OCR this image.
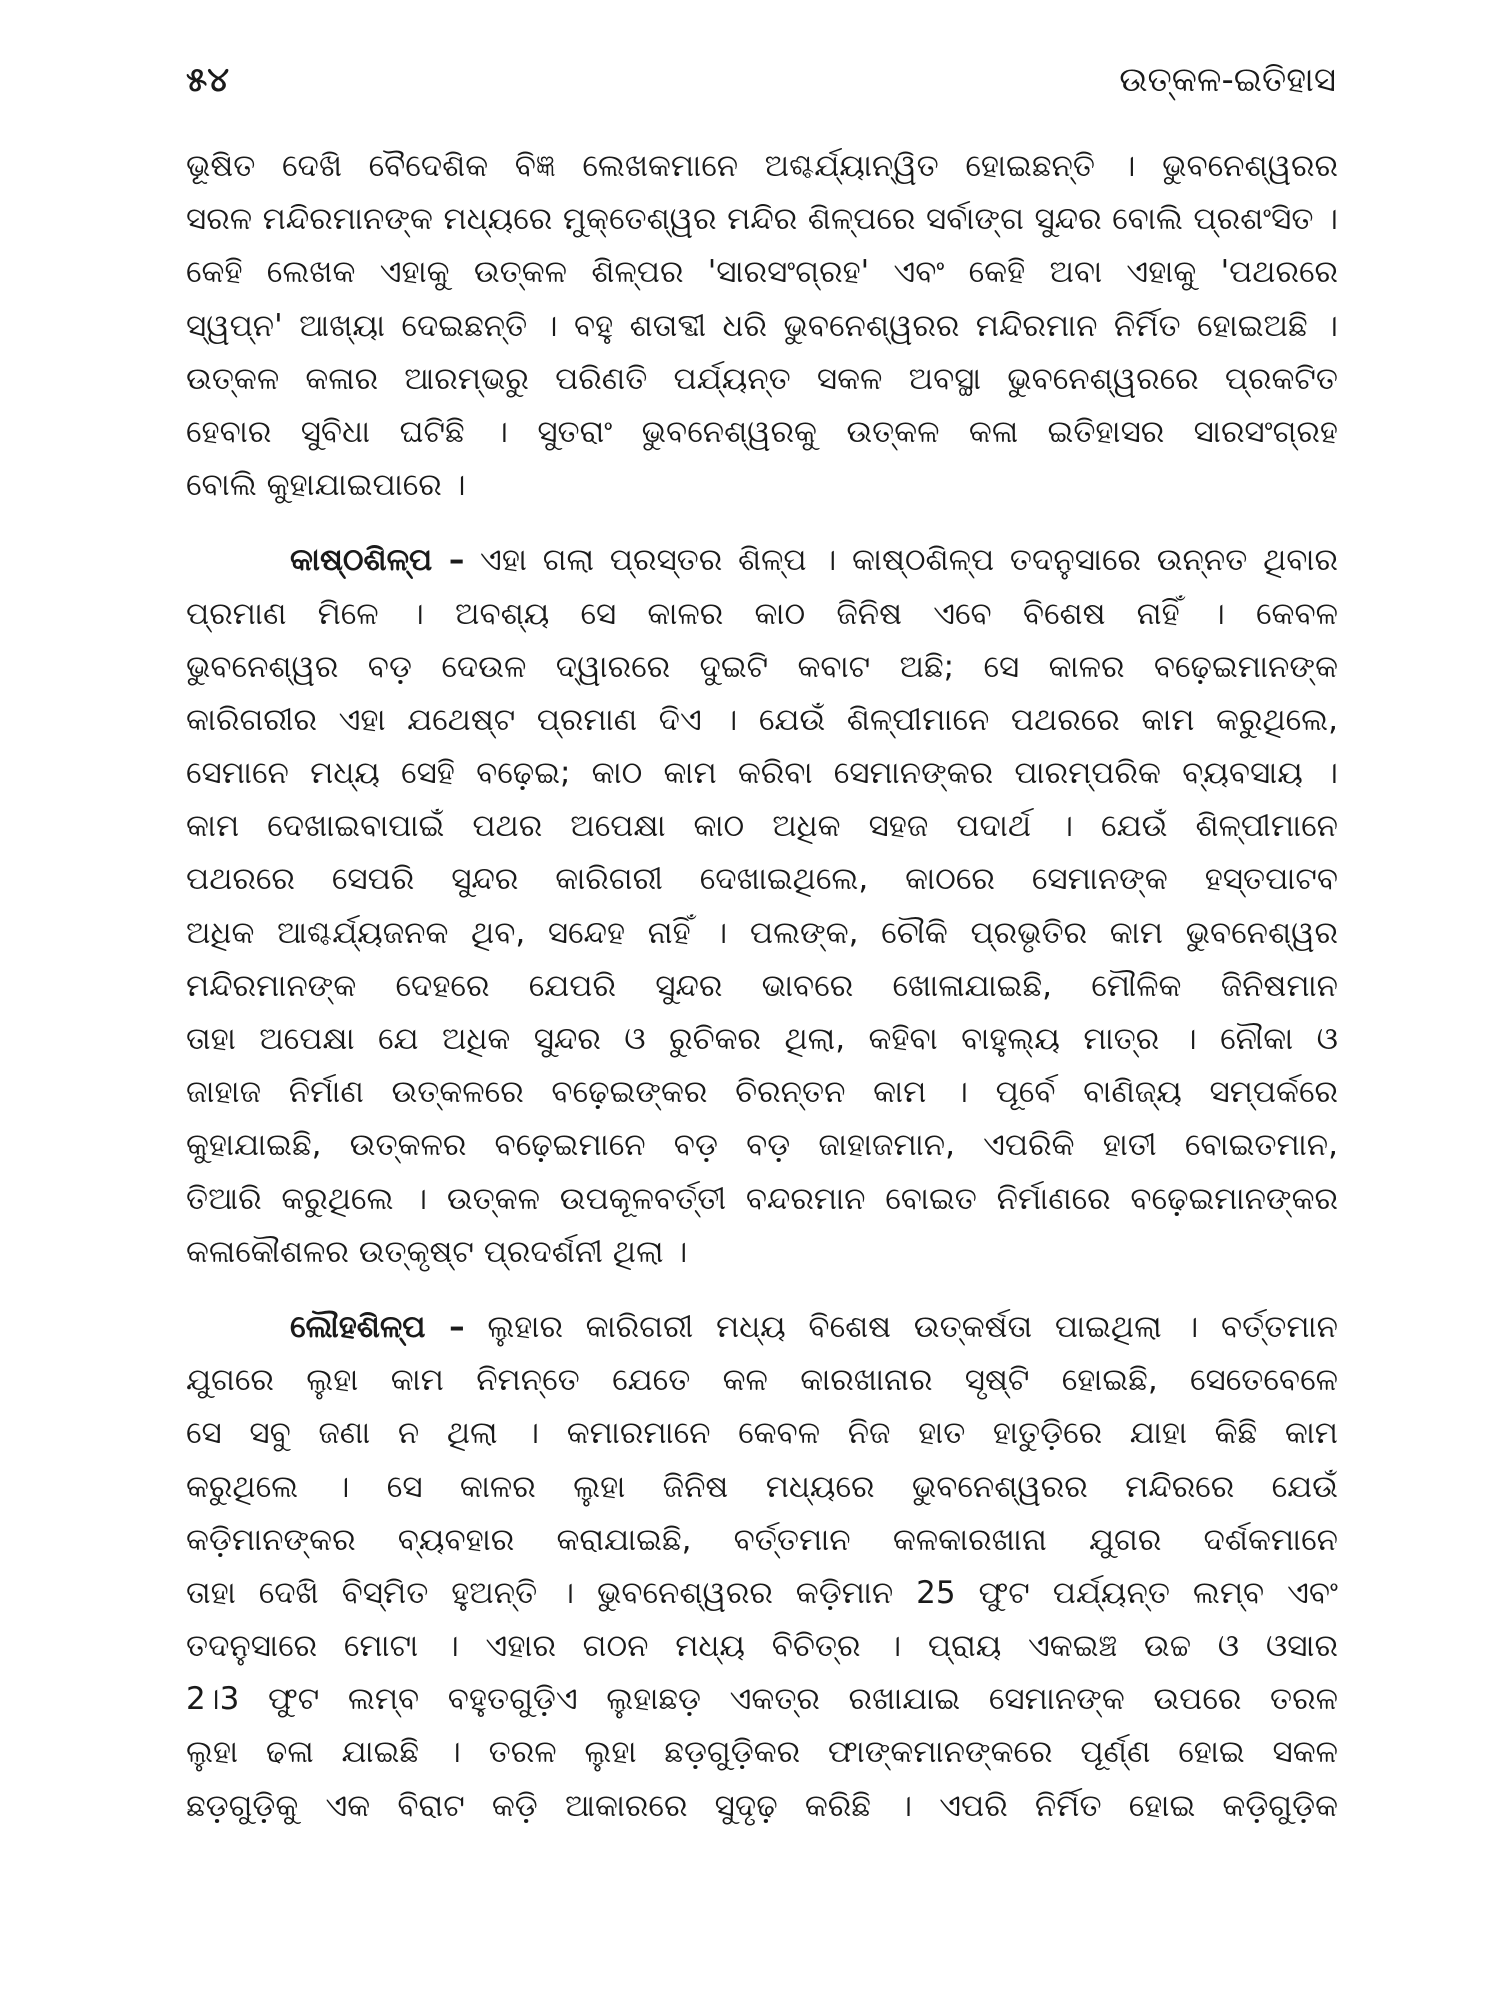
୫୪	ଉତ୍କଳ-ଇତିହାସ
ଭୂଷିତ ଦେଖି ବୈଦେଶିକ ବିଜ୍ଞ ଲେଖକମାନେ ଅଶ୍ଚର୍ଯ୍ୟାନ୍ୱିତ ହୋଇଛନ୍ତି । ଭୁବନେଶ୍ୱରର
ସରଳ ମନ୍ଦିରମାନଙ୍କ ମଧ୍ୟରେ ମୁକ୍ତେଶ୍ୱର ମନ୍ଦିର ଶିଳ୍ପରେ ସର୍ବାଙ୍ଗ ସୁନ୍ଦର ବୋଲି ପ୍ରଶଂସିତ ।
କେହି ଲେଖକ ଏହାକୁ ଉତ୍କଳ ଶିଳ୍ପର 'ସାରସଂଗ୍ରହ' ଏବଂ କେହି ଅବା ଏହାକୁ 'ପଥରରେ
ସ୍ୱପ୍ନ' ଆଖ୍ୟା ଦେଇଛନ୍ତି । ବହୁ ଶତାବ୍ଦୀ ଧରି ଭୁବନେଶ୍ୱରର ମନ୍ଦିରମାନ ନିର୍ମିତ ହୋଇଅଛି ।
ଉତ୍କଳ କଳାର ଆରମ୍ଭରୁ ପରିଣତି ପର୍ଯ୍ୟନ୍ତ ସକଳ ଅବସ୍ଥା ଭୁବନେଶ୍ୱରରେ ପ୍ରକଟିତ
ହେବାର ସୁବିଧା ଘଟିଛି । ସୁତରାଂ ଭୁବନେଶ୍ୱରକୁ ଉତ୍କଳ କଳା ଇତିହାସର ସାରସଂଗ୍ରହ
ବୋଲି କୁହାଯାଇପାରେ ।
କାଷ୍ଠଶିଳ୍ପ – ଏହା ଗଲା ପ୍ରସ୍ତର ଶିଳ୍ପ । କାଷ୍ଠଶିଳ୍ପ ତଦନୁସାରେ ଉନ୍ନତ ଥିବାର
ପ୍ରମାଣ ମିଳେ । ଅବଶ୍ୟ ସେ କାଳର କାଠ ଜିନିଷ ଏବେ ବିଶେଷ ନାହିଁ । କେବଳ
ଭୁବନେଶ୍ୱର ବଡ଼ ଦେଉଳ ଦ୍ୱାରରେ ଦୁଇଟି କବାଟ ଅଛି; ସେ କାଳର ବଢ଼େଇମାନଙ୍କ
କାରିଗରୀର ଏହା ଯଥେଷ୍ଟ ପ୍ରମାଣ ଦିଏ । ଯେଉଁ ଶିଳ୍ପୀମାନେ ପଥରରେ କାମ କରୁଥିଲେ,
ସେମାନେ ମଧ୍ୟ ସେହି ବଢ଼େଇ; କାଠ କାମ କରିବା ସେମାନଙ୍କର ପାରମ୍ପରିକ ବ୍ୟବସାୟ ।
କାମ ଦେଖାଇବାପାଇଁ ପଥର ଅପେକ୍ଷା କାଠ ଅଧିକ ସହଜ ପଦାର୍ଥ । ଯେଉଁ ଶିଳ୍ପୀମାନେ
ପଥରରେ ସେପରି ସୁନ୍ଦର କାରିଗରୀ ଦେଖାଇଥିଲେ, କାଠରେ ସେମାନଙ୍କ ହସ୍ତପାଟବ
ଅଧିକ ଆଶ୍ଚର୍ଯ୍ୟଜନକ ଥିବ, ସନ୍ଦେହ ନାହିଁ । ପଲଙ୍କ, ଚୌକି ପ୍ରଭୃତିର କାମ ଭୁବନେଶ୍ୱର
ମନ୍ଦିରମାନଙ୍କ ଦେହରେ ଯେପରି ସୁନ୍ଦର ଭାବରେ ଖୋଳାଯାଇଛି, ମୌଳିକ ଜିନିଷମାନ
ତାହା ଅପେକ୍ଷା ଯେ ଅଧିକ ସୁନ୍ଦର ଓ ରୁଚିକର ଥିଲା, କହିବା ବାହୁଲ୍ୟ ମାତ୍ର । ନୌକା ଓ
ଜାହାଜ ନିର୍ମାଣ ଉତ୍କଳରେ ବଢ଼େଇଙ୍କର ଚିରନ୍ତନ କାମ । ପୂର୍ବେ ବାଣିଜ୍ୟ ସମ୍ପର୍କରେ
କୁହାଯାଇଛି, ଉତ୍କଳର ବଢ଼େଇମାନେ ବଡ଼ ବଡ଼ ଜାହାଜମାନ, ଏପରିକି ହାତୀ ବୋଇତମାନ,
ତିଆରି କରୁଥିଲେ । ଉତ୍କଳ ଉପକୂଳବର୍ତ୍ତୀ ବନ୍ଦରମାନ ବୋଇତ ନିର୍ମାଣରେ ବଢ଼େଇମାନଙ୍କର
କଳାକୌଶଳର ଉତ୍କୃଷ୍ଟ ପ୍ରଦର୍ଶନୀ ଥିଲା ।
ଲୌହଶିଳ୍ପ – ଲୁହାର କାରିଗରୀ ମଧ୍ୟ ବିଶେଷ ଉତ୍କର୍ଷତା ପାଇଥିଲା । ବର୍ତ୍ତମାନ
ଯୁଗରେ ଲୁହା କାମ ନିମନ୍ତେ ଯେତେ କଳ କାରଖାନାର ସୃଷ୍ଟି ହୋଇଛି, ସେତେବେଳେ
ସେ ସବୁ ଜଣା ନ ଥିଲା । କମାରମାନେ କେବଳ ନିଜ ହାତ ହାତୁଡ଼ିରେ ଯାହା କିଛି କାମ
କରୁଥିଲେ । ସେ କାଳର ଲୁହା ଜିନିଷ ମଧ୍ୟରେ ଭୁବନେଶ୍ୱରର ମନ୍ଦିରରେ ଯେଉଁ
କଡ଼ିମାନଙ୍କର ବ୍ୟବହାର କରାଯାଇଛି, ବର୍ତ୍ତମାନ କଳକାରଖାନା ଯୁଗର ଦର୍ଶକମାନେ
ତାହା ଦେଖି ବିସ୍ମିତ ହୁଅନ୍ତି । ଭୁବନେଶ୍ୱରର କଡ଼ିମାନ 25 ଫୁଟ ପର୍ଯ୍ୟନ୍ତ ଲମ୍ବ ଏବଂ
ତଦନୁସାରେ ମୋଟା । ଏହାର ଗଠନ ମଧ୍ୟ ବିଚିତ୍ର । ପ୍ରାୟ ଏକଇଞ୍ଚ ଉଚ୍ଚ ଓ ଓସାର
2।3 ଫୁଟ ଲମ୍ବ ବହୁତଗୁଡ଼ିଏ ଲୁହାଛଡ଼ ଏକତ୍ର ରଖାଯାଇ ସେମାନଙ୍କ ଉପରେ ତରଳ
ଲୁହା ଢଳା ଯାଇଛି । ତରଳ ଲୁହା ଛଡ଼ଗୁଡ଼ିକର ଫାଙ୍କମାନଙ୍କରେ ପୂର୍ଣ୍ଣ ହୋଇ ସକଳ
ଛଡ଼ଗୁଡ଼ିକୁ ଏକ ବିରାଟ କଡ଼ି ଆକାରରେ ସୁଦୃଢ଼ କରିଛି । ଏପରି ନିର୍ମିତ ହୋଇ କଡ଼ିଗୁଡ଼ିକ
